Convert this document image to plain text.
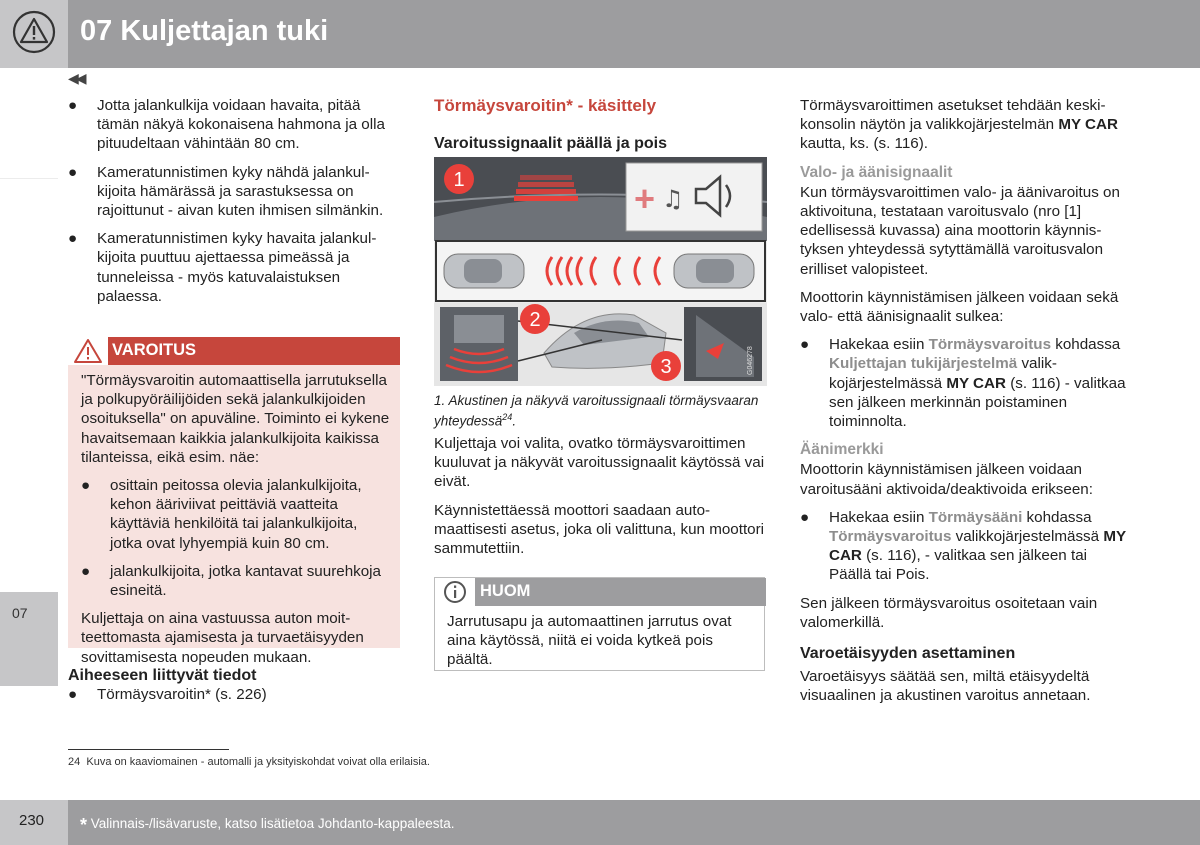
07 Kuljettajan tuki
07
◀◀
● Jotta jalankulkija voidaan havaita, pitää tämän näkyä kokonaisena hahmona ja olla pituudeltaan vähintään 80 cm.
● Kameratunnistimen kyky nähdä jalankulkijoita hämärässä ja sarastuksessa on rajoittunut - aivan kuten ihmisen silmänkin.
● Kameratunnistimen kyky havaita jalankulkijoita puuttuu ajettaessa pimeässä ja tunneleissa - myös katuvalaistuksen palaessa.
VAROITUS

"Törmäysvaroitin automaattisella jarrutuksella ja polkupyöräilijöiden sekä jalankulkijoiden osoituksella" on apuväline. Toiminto ei kykene havaitsemaan kaikkia jalankulkijoita kaikissa tilanteissa, eikä esim. näe:

● osittain peitossa olevia jalankulkijoita, kehon ääriviivat peittäviä vaatteita käyttäviä henkilöitä tai jalankulkijoita, jotka ovat lyhyempiä kuin 80 cm.
● jalankulkijoita, jotka kantavat suurehkoja esineitä.

Kuljettaja on aina vastuussa auton moitteettomasta ajamisesta ja turvaetäisyyden sovittamisesta nopeuden mukaan.

Aiheeseen liittyvät tiedot
● Törmäysvaroitin* (s. 226)
Törmäysvaroitin* - käsittely
Varoitussignaalit päällä ja pois
+ ♫
1
G046278
2
3
1. Akustinen ja näkyvä varoitussignaali törmäysvaaran yhteydessä$^{24}$.

Kuljettaja voi valita, ovatko törmäysvaroittimen kuuluvat ja näkyvät varoitussignaalit käytössä vai eivät.

Käynnistettäessä moottori saadaan automaattisesti asetus, joka oli valittuna, kun moottori sammutettiin.

HUOM
Jarrutusapu ja automaattinen jarrutus ovat aina käytössä, niitä ei voida kytkeä pois päältä.

Törmäysvaroittimen asetukset tehdään keskikonsolin näytön ja valikkojärjestelmän MY CAR kautta, ks. (s. 116).

Valo- ja äänisignaalit

Kun törmäysvaroittimen valo- ja äänivaroitus on aktivoituna, testataan varoitusvalo (nro [1] edellisessä kuvassa) aina moottorin käynnistyksen yhteydessä sytyttämällä varoitusvalon erilliset valopisteet.

Moottorin käynnistämisen jälkeen voidaan sekä valo- että äänisignaalit sulkea:

● Hakekaa esiin Törmäysvaroitus kohdassa Kuljettajan tukijärjestelmä valikkojärjestelmässä MY CAR (s. 116) - valitkaa sen jälkeen merkinnän poistaminen toiminnolta.
Äänimerkki

Moottorin käynnistämisen jälkeen voidaan varoitusääni aktivoida/deaktivoida erikseen:

● Hakekaa esiin Törmäysääni kohdassa Törmäysvaroitus valikkojärjestelmässä MY CAR (s. 116), - valitkaa sen jälkeen tai Päällä tai Pois.

Sen jälkeen törmäysvaroitus osoitetaan vain valomerkillä.

Varoetäisyyden asettaminen

Varoetäisyys säätää sen, miltä etäisyydeltä visuaalinen ja akustinen varoitus annetaan.

24 Kuva on kaaviomainen - automalli ja yksityiskohdat voivat olla erilaisia.
230 * Valinnais-/lisävaruste, katso lisätietoa Johdanto-kappaleesta.
